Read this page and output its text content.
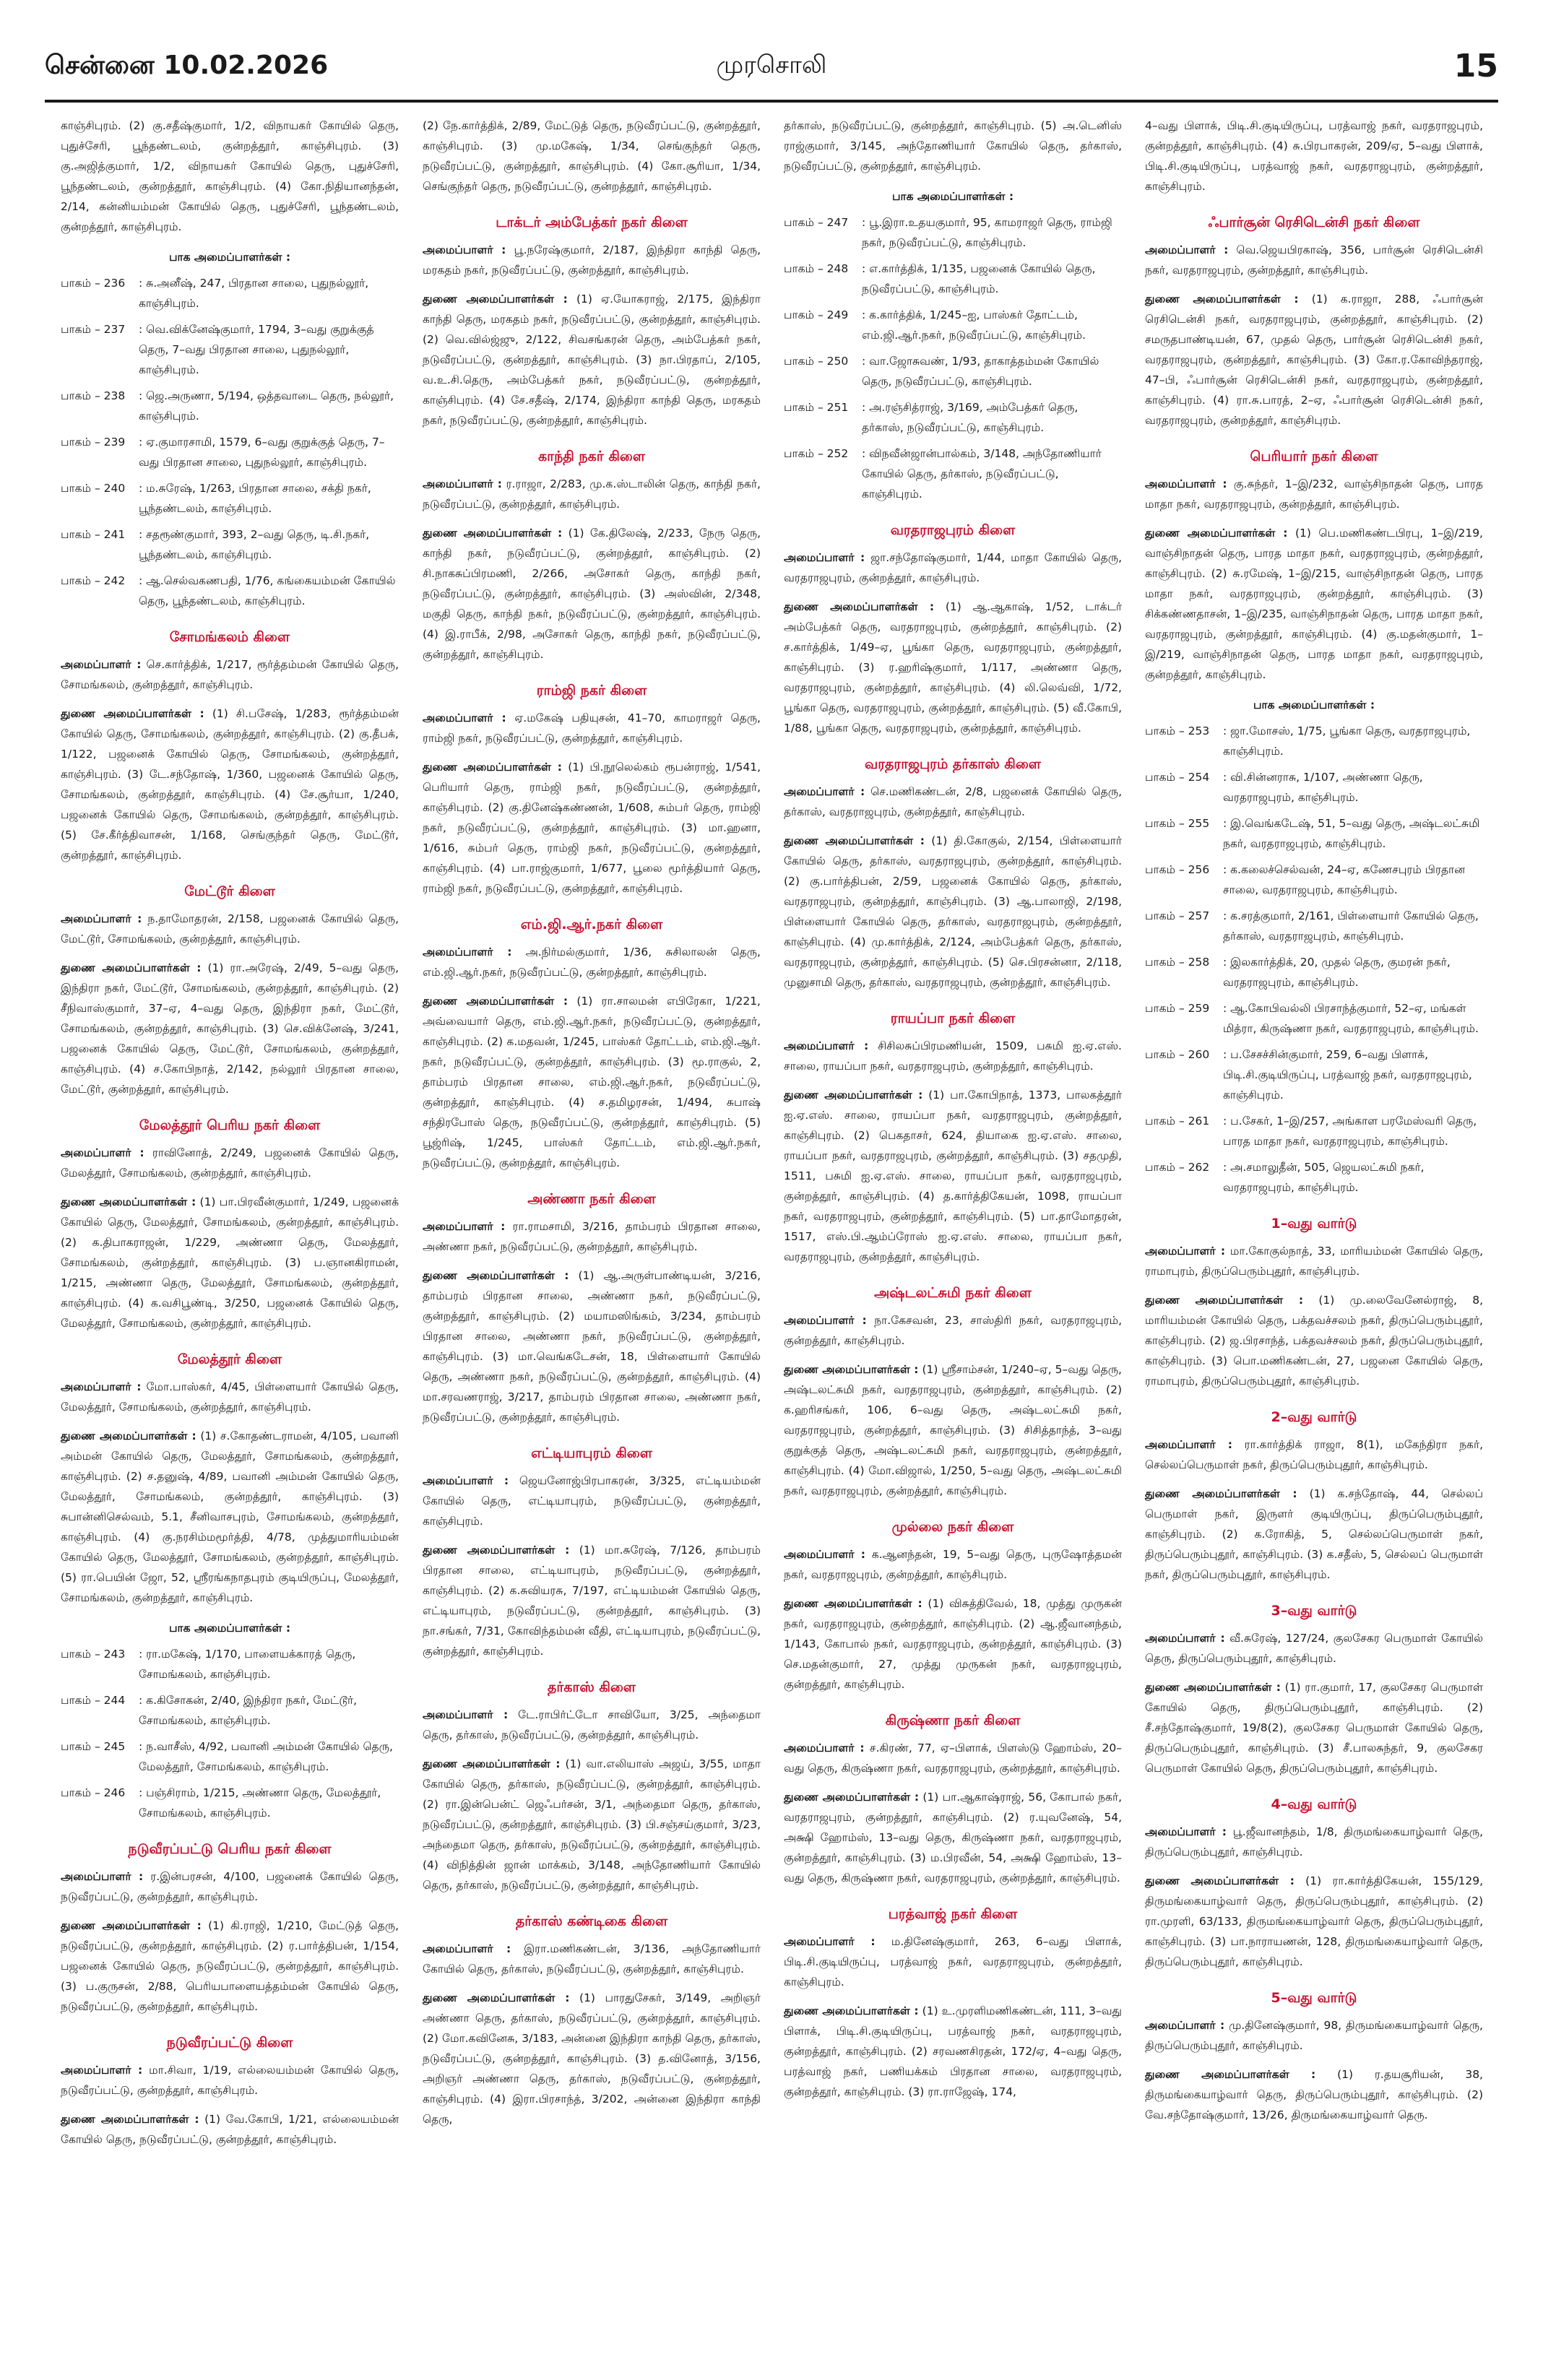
சென்னை 10.02.2026	முரசொலி	15

காஞ்சிபுரம். (2) கு.சதீஷ்குமார், 1/2, விநாயகர் கோயில் தெரு, புதுச்சேரி, பூந்தண்டலம், குன்றத்தூர், காஞ்சிபுரம். (3) கு.அஜித்குமார், 1/2, விநாயகர் கோயில் தெரு, புதுச்சேரி, பூந்தண்டலம், குன்றத்தூர், காஞ்சிபுரம். (4) கோ.நிதியானந்தன், 2/14, கன்னியம்மன் கோயில் தெரு, புதுச்சேரி, பூந்தண்டலம், குன்றத்தூர், காஞ்சிபுரம்.

பாக அமைப்பாளர்கள் :
பாகம் – 236	: சு.அனீஷ், 247, பிரதான சாலை, புதுநல்லூர், காஞ்சிபுரம்.
பாகம் – 237	: வெ.விக்னேஷ்குமார், 1794, 3–வது குறுக்குத் தெரு, 7–வது பிரதான சாலை, புதுநல்லூர், காஞ்சிபுரம்.
பாகம் – 238	: ஜெ.அருணா, 5/194, ஒத்தவாடை தெரு, நல்லூர், காஞ்சிபுரம்.
பாகம் – 239	: ஏ.குமாரசாமி, 1579, 6–வது குறுக்குத் தெரு, 7–வது பிரதான சாலை, புதுநல்லூர், காஞ்சிபுரம்.
பாகம் – 240	: ம.சுரேஷ், 1/263, பிரதான சாலை, சக்தி நகர், பூந்தண்டலம், காஞ்சிபுரம்.
பாகம் – 241	: சதரூண்குமார், 393, 2–வது தெரு, டி.சி.நகர், பூந்தண்டலம், காஞ்சிபுரம்.
பாகம் – 242	: ஆ.செல்வகணபதி, 1/76, கங்கையம்மன் கோயில் தெரு, பூந்தண்டலம், காஞ்சிபுரம்.
சோமங்கலம் கிளை

அமைப்பாளர் : செ.கார்த்திக், 1/217, ரூர்த்தம்மன் கோயில் தெரு, சோமங்கலம், குன்றத்தூர், காஞ்சிபுரம்.

துணை அமைப்பாளர்கள் : (1) சி.பசேஷ், 1/283, ரூர்த்தம்மன் கோயில் தெரு, சோமங்கலம், குன்றத்தூர், காஞ்சிபுரம். (2) கு.தீபக், 1/122, பஜனைக் கோயில் தெரு, சோமங்கலம், குன்றத்தூர், காஞ்சிபுரம். (3) டே.சந்தோஷ், 1/360, பஜனைக் கோயில் தெரு, சோமங்கலம், குன்றத்தூர், காஞ்சிபுரம். (4) சே.சூர்யா, 1/240, பஜனைக் கோயில் தெரு, சோமங்கலம், குன்றத்தூர், காஞ்சிபுரம். (5) சே.கீர்த்திவாசன், 1/168, செங்குந்தர் தெரு, மேட்டூர், குன்றத்தூர், காஞ்சிபுரம்.

மேட்டூர் கிளை

அமைப்பாளர் : ந.தாமோதரன், 2/158, பஜனைக் கோயில் தெரு, மேட்டூர், சோமங்கலம், குன்றத்தூர், காஞ்சிபுரம்.

துணை அமைப்பாளர்கள் : (1) ரா.அரேஷ், 2/49, 5–வது தெரு, இந்திரா நகர், மேட்டூர், சோமங்கலம், குன்றத்தூர், காஞ்சிபுரம். (2) சீநிவாஸ்குமார், 37–ஏ, 4–வது தெரு, இந்திரா நகர், மேட்டூர், சோமங்கலம், குன்றத்தூர், காஞ்சிபுரம். (3) செ.விக்னேஷ், 3/241, பஜனைக் கோயில் தெரு, மேட்டூர், சோமங்கலம், குன்றத்தூர், காஞ்சிபுரம். (4) ச.கோபிநாத், 2/142, நல்லூர் பிரதான சாலை, மேட்டூர், குன்றத்தூர், காஞ்சிபுரம்.

மேலத்தூர் பெரிய நகர் கிளை

அமைப்பாளர் : ராவினோத், 2/249, பஜனைக் கோயில் தெரு, மேலத்தூர், சோமங்கலம், குன்றத்தூர், காஞ்சிபுரம்.

துணை அமைப்பாளர்கள் : (1) பா.பிரவீன்குமார், 1/249, பஜனைக் கோயில் தெரு, மேலத்தூர், சோமங்கலம், குன்றத்தூர், காஞ்சிபுரம். (2) க.திபாகராஜன், 1/229, அண்ணா தெரு, மேலத்தூர், சோமங்கலம், குன்றத்தூர், காஞ்சிபுரம். (3) ப.ஞானகிராமன், 1/215, அண்ணா தெரு, மேலத்தூர், சோமங்கலம், குன்றத்தூர், காஞ்சிபுரம். (4) க.வசிபூண்டி, 3/250, பஜனைக் கோயில் தெரு, மேலத்தூர், சோமங்கலம், குன்றத்தூர், காஞ்சிபுரம்.

மேலத்தூர் கிளை

அமைப்பாளர் : மோ.பாஸ்கர், 4/45, பிள்ளையார் கோயில் தெரு, மேலத்தூர், சோமங்கலம், குன்றத்தூர், காஞ்சிபுரம்.

துணை அமைப்பாளர்கள் : (1) ச.கோதண்டராமன், 4/105, பவானி அம்மன் கோயில் தெரு, மேலத்தூர், சோமங்கலம், குன்றத்தூர், காஞ்சிபுரம். (2) ச.தனுஷ், 4/89, பவானி அம்மன் கோயில் தெரு, மேலத்தூர், சோமங்கலம், குன்றத்தூர், காஞ்சிபுரம். (3) சுபான்னிசெல்வம், 5.1, சீனிவாசபுரம், சோமங்கலம், குன்றத்தூர், காஞ்சிபுரம். (4) கு.நரசிம்மமூர்த்தி, 4/78, முத்துமாரியம்மன் கோயில் தெரு, மேலத்தூர், சோமங்கலம், குன்றத்தூர், காஞ்சிபுரம். (5) ரா.பெயின் ஜோ, 52, ஸ்ரீரங்கநாதபுரம் குடியிருப்பு, மேலத்தூர், சோமங்கலம், குன்றத்தூர், காஞ்சிபுரம்.

பாக அமைப்பாளர்கள் :
பாகம் – 243	: ரா.மகேஷ், 1/170, பாளையக்காரத் தெரு, சோமங்கலம், காஞ்சிபுரம்.
பாகம் – 244	: க.கிசோகன், 2/40, இந்திரா நகர், மேட்டூர், சோமங்கலம், காஞ்சிபுரம்.
பாகம் – 245	: ந.வாசீஸ், 4/92, பவானி அம்மன் கோயில் தெரு, மேலத்தூர், சோமங்கலம், காஞ்சிபுரம்.
பாகம் – 246	: பஞ்சிராம், 1/215, அண்ணா தெரு, மேலத்தூர், சோமங்கலம், காஞ்சிபுரம்.
நடுவீரப்பட்டு பெரிய நகர் கிளை

அமைப்பாளர் : ர.இன்பரசன், 4/100, பஜனைக் கோயில் தெரு, நடுவீரப்பட்டு, குன்றத்தூர், காஞ்சிபுரம்.

துணை அமைப்பாளர்கள் : (1) கி.ராஜி, 1/210, மேட்டுத் தெரு, நடுவீரப்பட்டு, குன்றத்தூர், காஞ்சிபுரம். (2) ர.பார்த்திபன், 1/154, பஜனைக் கோயில் தெரு, நடுவீரப்பட்டு, குன்றத்தூர், காஞ்சிபுரம். (3) ப.குருசன், 2/88, பெரியபாளையத்தம்மன் கோயில் தெரு, நடுவீரப்பட்டு, குன்றத்தூர், காஞ்சிபுரம்.

நடுவீரப்பட்டு கிளை

அமைப்பாளர் : மா.சிவா, 1/19, எல்லையம்மன் கோயில் தெரு, நடுவீரப்பட்டு, குன்றத்தூர், காஞ்சிபுரம்.

துணை அமைப்பாளர்கள் : (1) வே.கோபி, 1/21, எல்லையம்மன் கோயில் தெரு, நடுவீரப்பட்டு, குன்றத்தூர், காஞ்சிபுரம்.

(2) நே.கார்த்திக், 2/89, மேட்டுத் தெரு, நடுவீரப்பட்டு, குன்றத்தூர், காஞ்சிபுரம். (3) மு.மகேஷ், 1/34, செங்குந்தர் தெரு, நடுவீரப்பட்டு, குன்றத்தூர், காஞ்சிபுரம். (4) கோ.சூரியா, 1/34, செங்குந்தர் தெரு, நடுவீரப்பட்டு, குன்றத்தூர், காஞ்சிபுரம்.

டாக்டர் அம்பேத்கர் நகர் கிளை

அமைப்பாளர் : பூ.நரேஷ்குமார், 2/187, இந்திரா காந்தி தெரு, மரகதம் நகர், நடுவீரப்பட்டு, குன்றத்தூர், காஞ்சிபுரம்.

துணை அமைப்பாளர்கள் : (1) ஏ.யோகராஜ், 2/175, இந்திரா காந்தி தெரு, மரகதம் நகர், நடுவீரப்பட்டு, குன்றத்தூர், காஞ்சிபுரம். (2) வெ.வில்ஜ்ஜு, 2/122, சிவசங்கரன் தெரு, அம்பேத்கர் நகர், நடுவீரப்பட்டு, குன்றத்தூர், காஞ்சிபுரம். (3) நா.பிரதாப், 2/105, வ.உ.சி.தெரு, அம்பேத்கர் நகர், நடுவீரப்பட்டு, குன்றத்தூர், காஞ்சிபுரம். (4) சே.சதீஷ், 2/174, இந்திரா காந்தி தெரு, மரகதம் நகர், நடுவீரப்பட்டு, குன்றத்தூர், காஞ்சிபுரம்.

காந்தி நகர் கிளை

அமைப்பாளர் : ர.ராஜா, 2/283, மு.க.ஸ்டாலின் தெரு, காந்தி நகர், நடுவீரப்பட்டு, குன்றத்தூர், காஞ்சிபுரம்.

துணை அமைப்பாளர்கள் : (1) கே.திலேஷ், 2/233, நேரு தெரு, காந்தி நகர், நடுவீரப்பட்டு, குன்றத்தூர், காஞ்சிபுரம். (2) சி.நாகசுப்பிரமணி, 2/266, அசோகர் தெரு, காந்தி நகர், நடுவீரப்பட்டு, குன்றத்தூர், காஞ்சிபுரம். (3) அஸ்வின், 2/348, மகுதி தெரு, காந்தி நகர், நடுவீரப்பட்டு, குன்றத்தூர், காஞ்சிபுரம். (4) இ.ராபீக், 2/98, அசோகர் தெரு, காந்தி நகர், நடுவீரப்பட்டு, குன்றத்தூர், காஞ்சிபுரம்.

ராம்ஜி நகர் கிளை

அமைப்பாளர் : ஏ.மகேஷ் பதியுசன், 41–70, காமராஜர் தெரு, ராம்ஜி நகர், நடுவீரப்பட்டு, குன்றத்தூர், காஞ்சிபுரம்.

துணை அமைப்பாளர்கள் : (1) பி.நூலெல்கம் ரூபன்ராஜ், 1/541, பெரியார் தெரு, ராம்ஜி நகர், நடுவீரப்பட்டு, குன்றத்தூர், காஞ்சிபுரம். (2) கு.தினேஷ்கண்ணன், 1/608, சும்பர் தெரு, ராம்ஜி நகர், நடுவீரப்பட்டு, குன்றத்தூர், காஞ்சிபுரம். (3) மா.ஹனா, 1/616, சும்பர் தெரு, ராம்ஜி நகர், நடுவீரப்பட்டு, குன்றத்தூர், காஞ்சிபுரம். (4) பா.ராஜ்குமார், 1/677, பூலை மூர்த்தியார் தெரு, ராம்ஜி நகர், நடுவீரப்பட்டு, குன்றத்தூர், காஞ்சிபுரம்.

எம்.ஜி.ஆர்.நகர் கிளை

அமைப்பாளர் : அ.நிர்மல்குமார், 1/36, சுசிலாலன் தெரு, எம்.ஜி.ஆர்.நகர், நடுவீரப்பட்டு, குன்றத்தூர், காஞ்சிபுரம்.

துணை அமைப்பாளர்கள் : (1) ரா.சாலமன் எபிரேகா, 1/221, அவ்வையார் தெரு, எம்.ஜி.ஆர்.நகர், நடுவீரப்பட்டு, குன்றத்தூர், காஞ்சிபுரம். (2) க.மதவன், 1/245, பாஸ்கர் தோட்டம், எம்.ஜி.ஆர். நகர், நடுவீரப்பட்டு, குன்றத்தூர், காஞ்சிபுரம். (3) மூ.ராகுல், 2, தாம்பரம் பிரதான சாலை, எம்.ஜி.ஆர்.நகர், நடுவீரப்பட்டு, குன்றத்தூர், காஞ்சிபுரம். (4) ச.தமிழரசன், 1/494, சுபாஷ் சந்திரபோஸ் தெரு, நடுவீரப்பட்டு, குன்றத்தூர், காஞ்சிபுரம். (5) பூஜ்ரிஷ், 1/245, பாஸ்கர் தோட்டம், எம்.ஜி.ஆர்.நகர், நடுவீரப்பட்டு, குன்றத்தூர், காஞ்சிபுரம்.

அண்ணா நகர் கிளை

அமைப்பாளர் : ரா.ராமசாமி, 3/216, தாம்பரம் பிரதான சாலை, அண்ணா நகர், நடுவீரப்பட்டு, குன்றத்தூர், காஞ்சிபுரம்.

துணை அமைப்பாளர்கள் : (1) ஆ.அருள்பாண்டியன், 3/216, தாம்பரம் பிரதான சாலை, அண்ணா நகர், நடுவீரப்பட்டு, குன்றத்தூர், காஞ்சிபுரம். (2) மயாமஸிங்கம், 3/234, தாம்பரம் பிரதான சாலை, அண்ணா நகர், நடுவீரப்பட்டு, குன்றத்தூர், காஞ்சிபுரம். (3) மா.வெங்கடேசன், 18, பிள்ளையார் கோயில் தெரு, அண்ணா நகர், நடுவீரப்பட்டு, குன்றத்தூர், காஞ்சிபுரம். (4) மா.சரவணராஜ், 3/217, தாம்பரம் பிரதான சாலை, அண்ணா நகர், நடுவீரப்பட்டு, குன்றத்தூர், காஞ்சிபுரம்.

எட்டியாபுரம் கிளை

அமைப்பாளர் : ஜெயனோஜ்பிரபாகரன், 3/325, எட்டியம்மன் கோயில் தெரு, எட்டியாபுரம், நடுவீரப்பட்டு, குன்றத்தூர், காஞ்சிபுரம்.

துணை அமைப்பாளர்கள் : (1) மா.சுரேஷ், 7/126, தாம்பரம் பிரதான சாலை, எட்டியாபுரம், நடுவீரப்பட்டு, குன்றத்தூர், காஞ்சிபுரம். (2) க.சுவியரசு, 7/197, எட்டியம்மன் கோயில் தெரு, எட்டியாபுரம், நடுவீரப்பட்டு, குன்றத்தூர், காஞ்சிபுரம். (3) நா.சங்கர், 7/31, கோவிந்தம்மன் வீதி, எட்டியாபுரம், நடுவீரப்பட்டு, குன்றத்தூர், காஞ்சிபுரம்.

தர்காஸ் கிளை

அமைப்பாளர் : டே.ராபிர்ட்டோ சாவியோ, 3/25, அந்தைமா தெரு, தர்காஸ், நடுவீரப்பட்டு, குன்றத்தூர், காஞ்சிபுரம்.

துணை அமைப்பாளர்கள் : (1) வா.எலியாஸ் அஜய், 3/55, மாதா கோயில் தெரு, தர்காஸ், நடுவீரப்பட்டு, குன்றத்தூர், காஞ்சிபுரம். (2) ரா.இன்பென்ட் ஜெஃபர்சன், 3/1, அந்தைமா தெரு, தர்காஸ், நடுவீரப்பட்டு, குன்றத்தூர், காஞ்சிபுரம். (3) பி.சஞ்சய்குமார், 3/23, அந்தைமா தெரு, தர்காஸ், நடுவீரப்பட்டு, குன்றத்தூர், காஞ்சிபுரம். (4) விநித்தின் ஜான் மாக்கம், 3/148, அந்தோணியார் கோயில் தெரு, தர்காஸ், நடுவீரப்பட்டு, குன்றத்தூர், காஞ்சிபுரம்.

தர்காஸ் கண்டிகை கிளை

அமைப்பாளர் : இரா.மணிகண்டன், 3/136, அந்தோணியார் கோயில் தெரு, தர்காஸ், நடுவீரப்பட்டு, குன்றத்தூர், காஞ்சிபுரம்.

துணை அமைப்பாளர்கள் : (1) பாரதுசேகர், 3/149, அறிஞர் அண்ணா தெரு, தர்காஸ், நடுவீரப்பட்டு, குன்றத்தூர், காஞ்சிபுரம். (2) மோ.கவினேசு, 3/183, அன்னை இந்திரா காந்தி தெரு, தர்காஸ், நடுவீரப்பட்டு, குன்றத்தூர், காஞ்சிபுரம். (3) த.வினோத், 3/156, அறிஞர் அண்ணா தெரு, தர்காஸ், நடுவீரப்பட்டு, குன்றத்தூர், காஞ்சிபுரம். (4) இரா.பிரசாந்த், 3/202, அன்னை இந்திரா காந்தி தெரு,

தர்காஸ், நடுவீரப்பட்டு, குன்றத்தூர், காஞ்சிபுரம். (5) அ.டெனிஸ் ராஜ்குமார், 3/145, அந்தோணியார் கோயில் தெரு, தர்காஸ், நடுவீரப்பட்டு, குன்றத்தூர், காஞ்சிபுரம்.

பாக அமைப்பாளர்கள் :
பாகம் – 247	: பூ.இரா.உதயகுமார், 95, காமராஜர் தெரு, ராம்ஜி நகர், நடுவீரப்பட்டு, காஞ்சிபுரம்.
பாகம் – 248	: எ.கார்த்திக், 1/135, பஜனைக் கோயில் தெரு, நடுவீரப்பட்டு, காஞ்சிபுரம்.
பாகம் – 249	: க.கார்த்திக், 1/245–ஐ, பாஸ்கர் தோட்டம், எம்.ஜி.ஆர்.நகர், நடுவீரப்பட்டு, காஞ்சிபுரம்.
பாகம் – 250	: வா.ஜோசுவண், 1/93, தாகாத்தம்மன் கோயில் தெரு, நடுவீரப்பட்டு, காஞ்சிபுரம்.
பாகம் – 251	: அ.ரஞ்சித்ராஜ், 3/169, அம்பேத்கர் தெரு, தர்காஸ், நடுவீரப்பட்டு, காஞ்சிபுரம்.
பாகம் – 252	: விநவீன்ஜான்பால்கம், 3/148, அந்தோணியார் கோயில் தெரு, தர்காஸ், நடுவீரப்பட்டு, காஞ்சிபுரம்.
வரதராஜபுரம் கிளை

அமைப்பாளர் : ஜா.சந்தோஷ்குமார், 1/44, மாதா கோயில் தெரு, வரதராஜபுரம், குன்றத்தூர், காஞ்சிபுரம்.

துணை அமைப்பாளர்கள் : (1) ஆ.ஆகாஷ், 1/52, டாக்டர் அம்பேத்கர் தெரு, வரதராஜபுரம், குன்றத்தூர், காஞ்சிபுரம். (2) ச.கார்த்திக், 1/49–ஏ, பூங்கா தெரு, வரதராஜபுரம், குன்றத்தூர், காஞ்சிபுரம். (3) ர.ஹரிஷ்குமார், 1/117, அண்ணா தெரு, வரதராஜபுரம், குன்றத்தூர், காஞ்சிபுரம். (4) லி.லெவ்வி, 1/72, பூங்கா தெரு, வரதராஜபுரம், குன்றத்தூர், காஞ்சிபுரம். (5) வீ.கோபி, 1/88, பூங்கா தெரு, வரதராஜபுரம், குன்றத்தூர், காஞ்சிபுரம்.

வரதராஜபுரம் தர்காஸ் கிளை

அமைப்பாளர் : செ.மணிகண்டன், 2/8, பஜனைக் கோயில் தெரு, தர்காஸ், வரதராஜபுரம், குன்றத்தூர், காஞ்சிபுரம்.

துணை அமைப்பாளர்கள் : (1) தி.கோகுல், 2/154, பிள்ளையார் கோயில் தெரு, தர்காஸ், வரதராஜபுரம், குன்றத்தூர், காஞ்சிபுரம். (2) கு.பார்த்திபன், 2/59, பஜனைக் கோயில் தெரு, தர்காஸ், வரதராஜபுரம், குன்றத்தூர், காஞ்சிபுரம். (3) ஆ.பாலாஜி, 2/198, பிள்ளையார் கோயில் தெரு, தர்காஸ், வரதராஜபுரம், குன்றத்தூர், காஞ்சிபுரம். (4) மு.கார்த்திக், 2/124, அம்பேத்கர் தெரு, தர்காஸ், வரதராஜபுரம், குன்றத்தூர், காஞ்சிபுரம். (5) செ.பிரசன்னா, 2/118, முனுசாமி தெரு, தர்காஸ், வரதராஜபுரம், குன்றத்தூர், காஞ்சிபுரம்.

ராயப்பா நகர் கிளை

அமைப்பாளர் : சிசிலசுப்பிரமணியன், 1509, பசுமி ஐ.ஏ.எஸ். சாலை, ராயப்பா நகர், வரதராஜபுரம், குன்றத்தூர், காஞ்சிபுரம்.

துணை அமைப்பாளர்கள் : (1) பா.கோபிநாத், 1373, பாலகத்தூர் ஐ.ஏ.எஸ். சாலை, ராயப்பா நகர், வரதராஜபுரம், குன்றத்தூர், காஞ்சிபுரம். (2) பெகதாசர், 624, தியாகை ஐ.ஏ.எஸ். சாலை, ராயப்பா நகர், வரதராஜபுரம், குன்றத்தூர், காஞ்சிபுரம். (3) சதமுதி, 1511, பசுமி ஐ.ஏ.எஸ். சாலை, ராயப்பா நகர், வரதராஜபுரம், குன்றத்தூர், காஞ்சிபுரம். (4) த.கார்த்திகேயன், 1098, ராயப்பா நகர், வரதராஜபுரம், குன்றத்தூர், காஞ்சிபுரம். (5) பா.தாமோதரன், 1517, எஸ்.பி.ஆம்ப்ரோஸ் ஐ.ஏ.எஸ். சாலை, ராயப்பா நகர், வரதராஜபுரம், குன்றத்தூர், காஞ்சிபுரம்.

அஷ்டலட்சுமி நகர் கிளை

அமைப்பாளர் : நா.கேசவன், 23, சாஸ்திரி நகர், வரதராஜபுரம், குன்றத்தூர், காஞ்சிபுரம்.

துணை அமைப்பாளர்கள் : (1) ஸ்ரீசாம்சன், 1/240–ஏ, 5–வது தெரு, அஷ்டலட்சுமி நகர், வரதராஜபுரம், குன்றத்தூர், காஞ்சிபுரம். (2) க.ஹரிசங்கர், 106, 6–வது தெரு, அஷ்டலட்சுமி நகர், வரதராஜபுரம், குன்றத்தூர், காஞ்சிபுரம். (3) சிசித்தாந்த், 3–வது குறுக்குத் தெரு, அஷ்டலட்சுமி நகர், வரதராஜபுரம், குன்றத்தூர், காஞ்சிபுரம். (4) மோ.விஜால், 1/250, 5–வது தெரு, அஷ்டலட்சுமி நகர், வரதராஜபுரம், குன்றத்தூர், காஞ்சிபுரம்.

முல்லை நகர் கிளை

அமைப்பாளர் : க.ஆனந்தன், 19, 5–வது தெரு, புருஷோத்தமன் நகர், வரதராஜபுரம், குன்றத்தூர், காஞ்சிபுரம்.

துணை அமைப்பாளர்கள் : (1) விசுத்திவேல், 18, முத்து முருகன் நகர், வரதராஜபுரம், குன்றத்தூர், காஞ்சிபுரம். (2) ஆ.ஜீவானந்தம், 1/143, கோபால் நகர், வரதராஜபுரம், குன்றத்தூர், காஞ்சிபுரம். (3) செ.மதன்குமார், 27, முத்து முருகன் நகர், வரதராஜபுரம், குன்றத்தூர், காஞ்சிபுரம்.

கிருஷ்ணா நகர் கிளை

அமைப்பாளர் : ச.கிரண், 77, ஏ–பிளாக், பிளஸ்டு ஹோம்ஸ், 20–வது தெரு, கிருஷ்ணா நகர், வரதராஜபுரம், குன்றத்தூர், காஞ்சிபுரம்.

துணை அமைப்பாளர்கள் : (1) பா.ஆகாஷ்ராஜ், 56, கோபால் நகர், வரதராஜபுரம், குன்றத்தூர், காஞ்சிபுரம். (2) ர.யுவனேஷ், 54, அக்ஷி ஹோம்ஸ், 13–வது தெரு, கிருஷ்ணா நகர், வரதராஜபுரம், குன்றத்தூர், காஞ்சிபுரம். (3) ம.பிரவீன், 54, அக்ஷி ஹோம்ஸ், 13–வது தெரு, கிருஷ்ணா நகர், வரதராஜபுரம், குன்றத்தூர், காஞ்சிபுரம்.

பரத்வாஜ் நகர் கிளை

அமைப்பாளர் : ம.தினேஷ்குமார், 263, 6–வது பிளாக், பிடி.சி.குடியிருப்பு, பரத்வாஜ் நகர், வரதராஜபுரம், குன்றத்தூர், காஞ்சிபுரம்.

துணை அமைப்பாளர்கள் : (1) உ.முரளிமணிகண்டன், 111, 3–வது பிளாக், பிடி.சி.குடியிருப்பு, பரத்வாஜ் நகர், வரதராஜபுரம், குன்றத்தூர், காஞ்சிபுரம். (2) சரவணசிரதன், 172/ஏ, 4–வது தெரு, பரத்வாஜ் நகர், பணியக்கம் பிரதான சாலை, வரதராஜபுரம், குன்றத்தூர், காஞ்சிபுரம். (3) ரா.ராஜேஷ், 174,

4–வது பிளாக், பிடி.சி.குடியிருப்பு, பரத்வாஜ் நகர், வரதராஜபுரம், குன்றத்தூர், காஞ்சிபுரம். (4) சு.பிரபாகரன், 209/ஏ, 5–வது பிளாக், பிடி.சி.குடியிருப்பு, பரத்வாஜ் நகர், வரதராஜபுரம், குன்றத்தூர், காஞ்சிபுரம்.

ஃபார்சூன் ரெசிடென்சி நகர் கிளை

அமைப்பாளர் : வெ.ஜெயபிரகாஷ், 356, பார்சூன் ரெசிடென்சி நகர், வரதராஜபுரம், குன்றத்தூர், காஞ்சிபுரம்.

துணை அமைப்பாளர்கள் : (1) க.ராஜா, 288, ஃபார்சூன் ரெசிடென்சி நகர், வரதராஜபுரம், குன்றத்தூர், காஞ்சிபுரம். (2) சமருதபாண்டியன், 67, முதல் தெரு, பார்சூன் ரெசிடென்சி நகர், வரதராஜபுரம், குன்றத்தூர், காஞ்சிபுரம். (3) கோ.ர.கோவிந்தராஜ், 47–பி, ஃபார்சூன் ரெசிடென்சி நகர், வரதராஜபுரம், குன்றத்தூர், காஞ்சிபுரம். (4) ரா.சு.பாரத், 2–ஏ, ஃபார்சூன் ரெசிடென்சி நகர், வரதராஜபுரம், குன்றத்தூர், காஞ்சிபுரம்.

பெரியார் நகர் கிளை

அமைப்பாளர் : கு.சுந்தர், 1–இ/232, வாஞ்சிநாதன் தெரு, பாரத மாதா நகர், வரதராஜபுரம், குன்றத்தூர், காஞ்சிபுரம்.

துணை அமைப்பாளர்கள் : (1) பெ.மணிகண்டபிரபு, 1–இ/219, வாஞ்சிநாதன் தெரு, பாரத மாதா நகர், வரதராஜபுரம், குன்றத்தூர், காஞ்சிபுரம். (2) சு.ரமேஷ், 1–இ/215, வாஞ்சிநாதன் தெரு, பாரத மாதா நகர், வரதராஜபுரம், குன்றத்தூர், காஞ்சிபுரம். (3) சிக்கண்ணதாசன், 1–இ/235, வாஞ்சிநாதன் தெரு, பாரத மாதா நகர், வரதராஜபுரம், குன்றத்தூர், காஞ்சிபுரம். (4) கு.மதன்குமார், 1–இ/219, வாஞ்சிநாதன் தெரு, பாரத மாதா நகர், வரதராஜபுரம், குன்றத்தூர், காஞ்சிபுரம்.

பாக அமைப்பாளர்கள் :
பாகம் – 253	: ஜா.மோசஸ், 1/75, பூங்கா தெரு, வரதராஜபுரம், காஞ்சிபுரம்.
பாகம் – 254	: வி.சின்னராசு, 1/107, அண்ணா தெரு, வரதராஜபுரம், காஞ்சிபுரம்.
பாகம் – 255	: இ.வெங்கடேஷ், 51, 5–வது தெரு, அஷ்டலட்சுமி நகர், வரதராஜபுரம், காஞ்சிபுரம்.
பாகம் – 256	: க.கலைச்செல்வன், 24–ஏ, கணேசபுரம் பிரதான சாலை, வரதராஜபுரம், காஞ்சிபுரம்.
பாகம் – 257	: க.சரத்குமார், 2/161, பிள்ளையார் கோயில் தெரு, தர்காஸ், வரதராஜபுரம், காஞ்சிபுரம்.
பாகம் – 258	: இலகார்த்திக், 20, முதல் தெரு, குமரன் நகர், வரதராஜபுரம், காஞ்சிபுரம்.
பாகம் – 259	: ஆ.கோபிவல்லி பிரசாந்த்குமார், 52–ஏ, மங்கள் மித்ரா, கிருஷ்ணா நகர், வரதராஜபுரம், காஞ்சிபுரம்.
பாகம் – 260	: ப.சேசச்சின்குமார், 259, 6–வது பிளாக், பிடி.சி.குடியிருப்பு, பரத்வாஜ் நகர், வரதராஜபுரம், காஞ்சிபுரம்.
பாகம் – 261	: ப.சேகர், 1–இ/257, அங்காள பரமேஸ்வரி தெரு, பாரத மாதா நகர், வரதராஜபுரம், காஞ்சிபுரம்.
பாகம் – 262	: அ.சமாலுதீன், 505, ஜெயலட்சுமி நகர், வரதராஜபுரம், காஞ்சிபுரம்.
1–வது வார்டு

அமைப்பாளர் : மா.கோகுல்நாத், 33, மாரியம்மன் கோயில் தெரு, ராமாபுரம், திருப்பெரும்புதூர், காஞ்சிபுரம்.

துணை அமைப்பாளர்கள் : (1) மு.லைவேனேல்ராஜ், 8, மாரியம்மன் கோயில் தெரு, பக்தவச்சலம் நகர், திருப்பெரும்புதூர், காஞ்சிபுரம். (2) ஜ.பிரசாந்த், பக்தவச்சலம் நகர், திருப்பெரும்புதூர், காஞ்சிபுரம். (3) பொ.மணிகண்டன், 27, பஜனை கோயில் தெரு, ராமாபுரம், திருப்பெரும்புதூர், காஞ்சிபுரம்.

2–வது வார்டு

அமைப்பாளர் : ரா.கார்த்திக் ராஜா, 8(1), மகேந்திரா நகர், செல்லப்பெருமாள் நகர், திருப்பெரும்புதூர், காஞ்சிபுரம்.

துணை அமைப்பாளர்கள் : (1) க.சந்தோஷ், 44, செல்லப் பெருமாள் நகர், இருளர் குடியிருப்பு, திருப்பெரும்புதூர், காஞ்சிபுரம். (2) க.ரோகித், 5, செல்லப்பெருமாள் நகர், திருப்பெரும்புதூர், காஞ்சிபுரம். (3) க.சதீஸ், 5, செல்லப் பெருமாள் நகர், திருப்பெரும்புதூர், காஞ்சிபுரம்.

3–வது வார்டு

அமைப்பாளர் : வீ.சுரேஷ், 127/24, குலசேகர பெருமாள் கோயில் தெரு, திருப்பெரும்புதூர், காஞ்சிபுரம்.

துணை அமைப்பாளர்கள் : (1) ரா.குமார், 17, குலசேகர பெருமாள் கோயில் தெரு, திருப்பெரும்புதூர், காஞ்சிபுரம். (2) சீ.சந்தோஷ்குமார், 19/8(2), குலசேகர பெருமாள் கோயில் தெரு, திருப்பெரும்புதூர், காஞ்சிபுரம். (3) சீ.பாலசுந்தர், 9, குலசேகர பெருமாள் கோயில் தெரு, திருப்பெரும்புதூர், காஞ்சிபுரம்.

4–வது வார்டு

அமைப்பாளர் : பூ.ஜீவானந்தம், 1/8, திருமங்கையாழ்வார் தெரு, திருப்பெரும்புதூர், காஞ்சிபுரம்.

துணை அமைப்பாளர்கள் : (1) ரா.கார்த்திகேயன், 155/129, திருமங்கையாழ்வார் தெரு, திருப்பெரும்புதூர், காஞ்சிபுரம். (2) ரா.முரளி, 63/133, திருமங்கையாழ்வார் தெரு, திருப்பெரும்புதூர், காஞ்சிபுரம். (3) பா.நாராயணன், 128, திருமங்கையாழ்வார் தெரு, திருப்பெரும்புதூர், காஞ்சிபுரம்.

5–வது வார்டு

அமைப்பாளர் : மு.தினேஷ்குமார், 98, திருமங்கையாழ்வார் தெரு, திருப்பெரும்புதூர், காஞ்சிபுரம்.

துணை அமைப்பாளர்கள் : (1) ர.தயசூரியன், 38, திருமங்கையாழ்வார் தெரு, திருப்பெரும்புதூர், காஞ்சிபுரம். (2) வே.சந்தோஷ்குமார், 13/26, திருமங்கையாழ்வார் தெரு.
